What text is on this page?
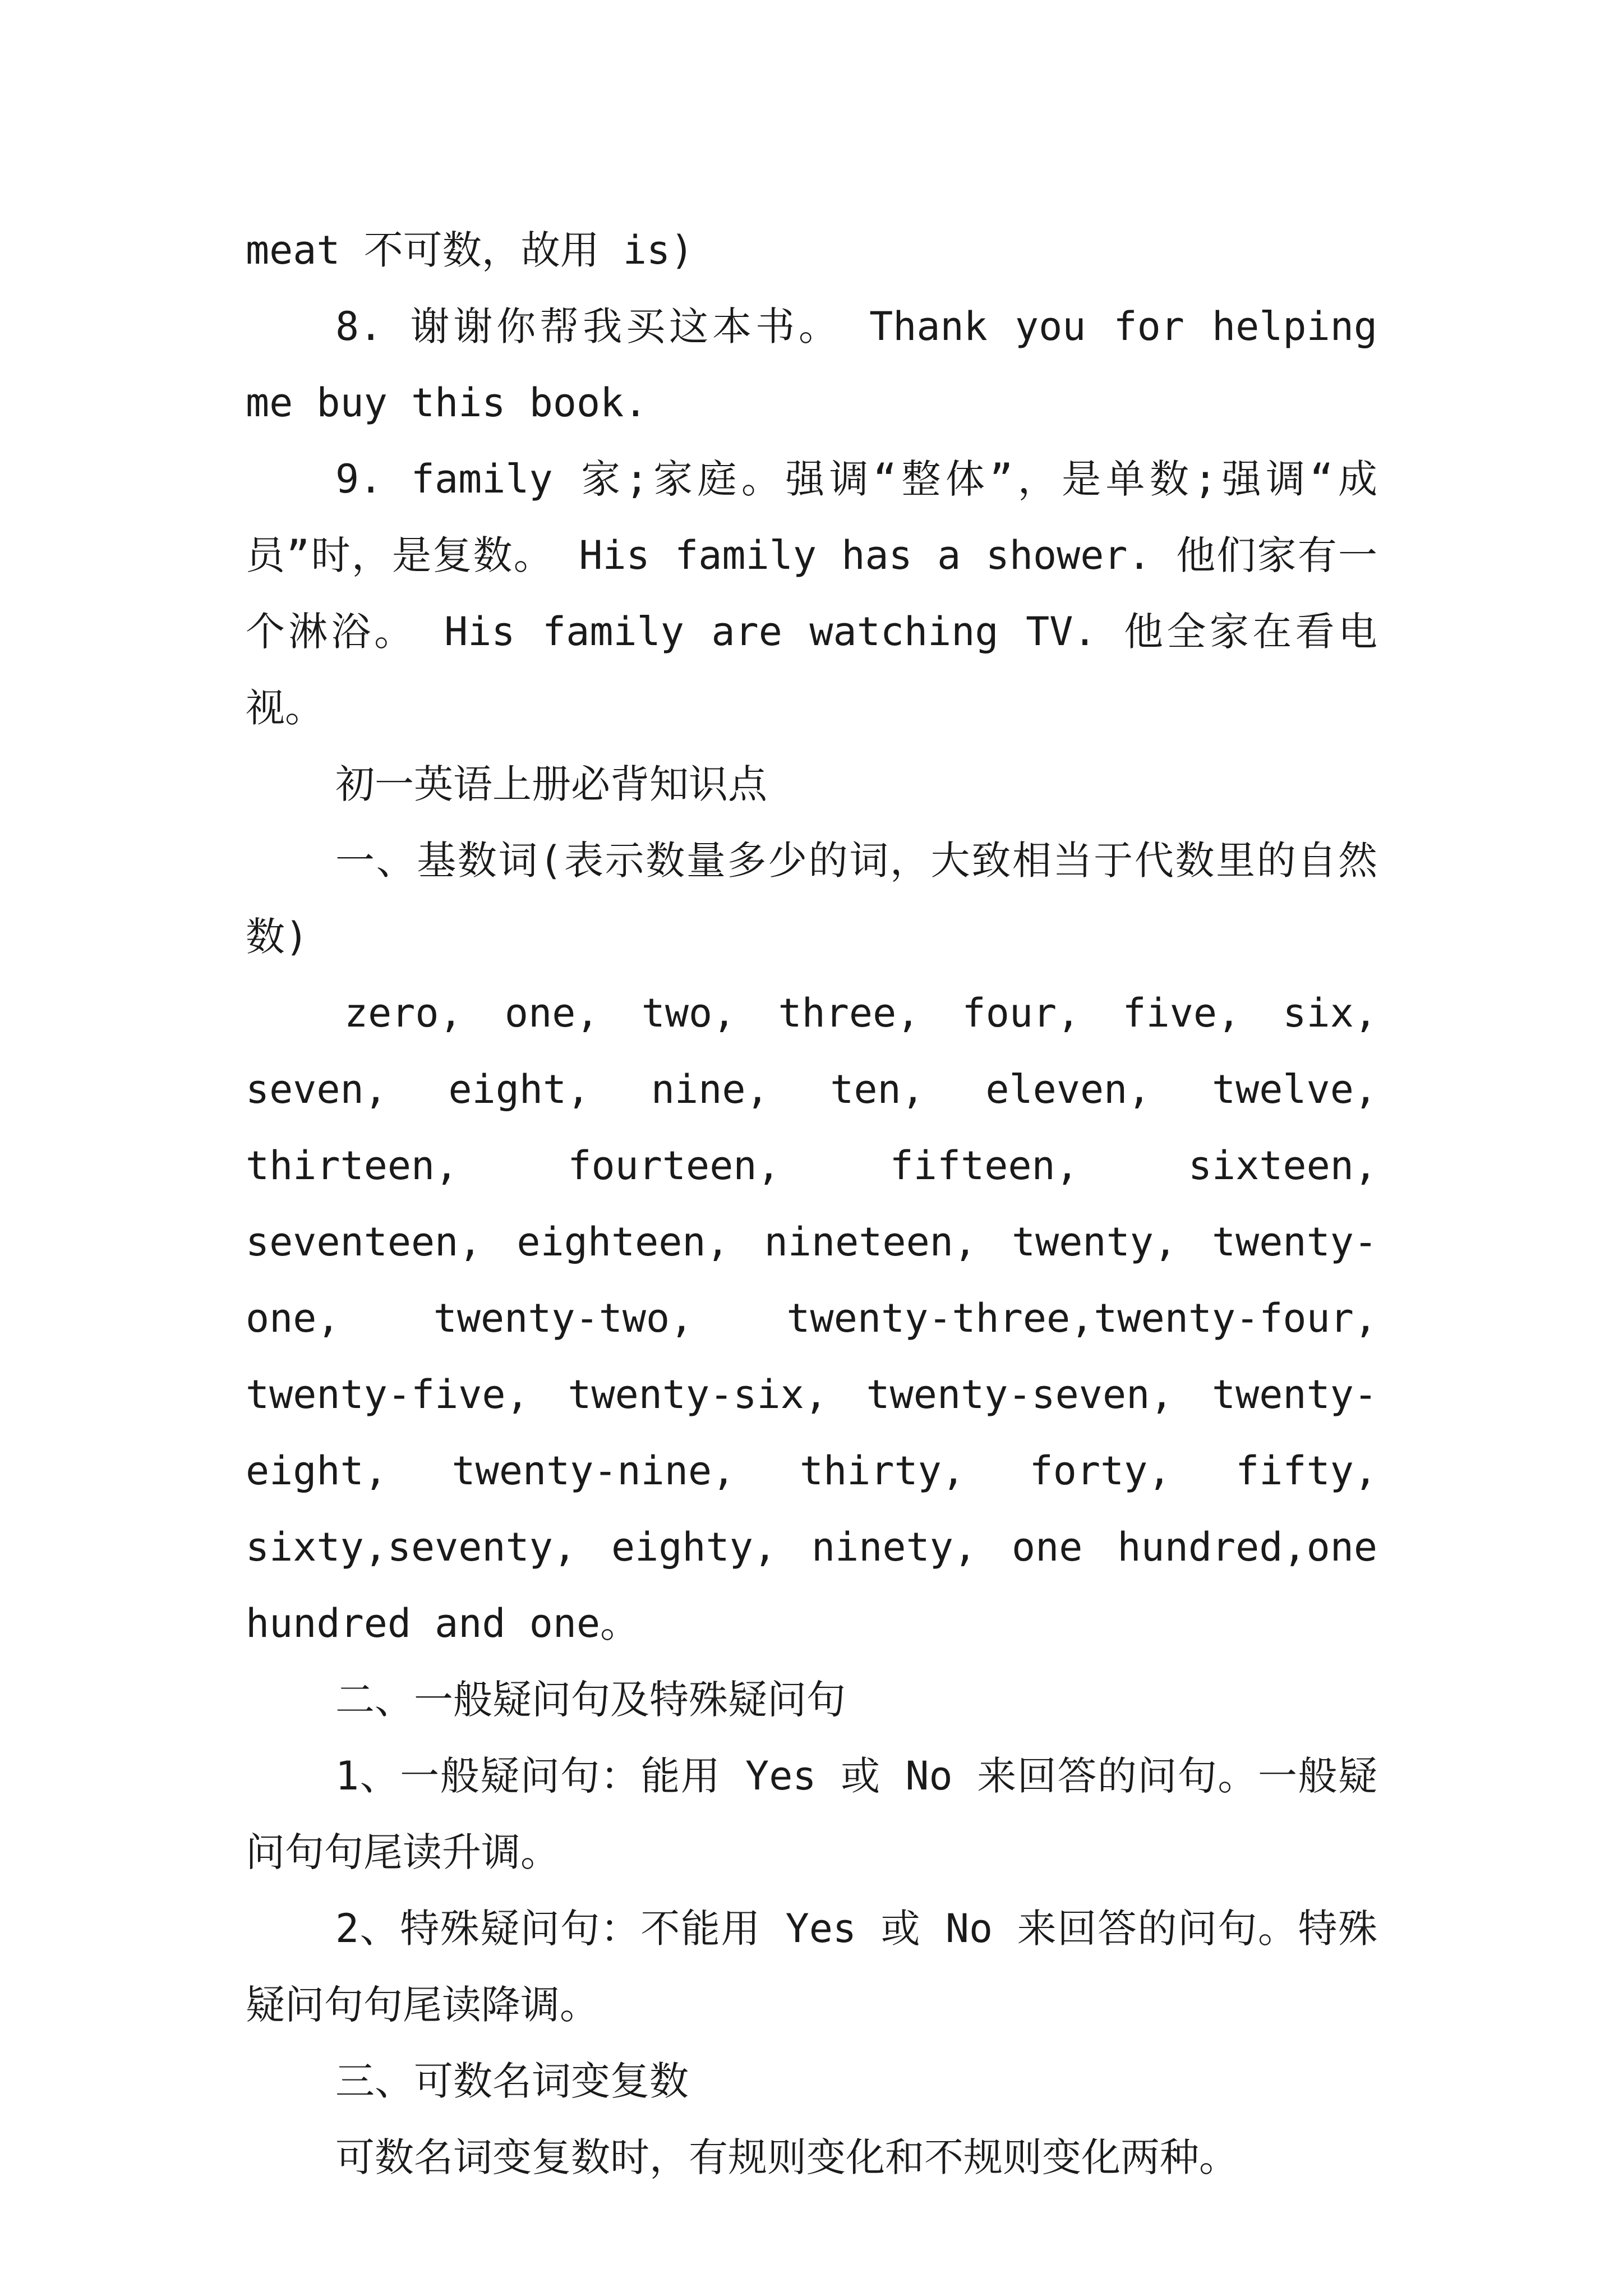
meat 不可数，故用 is)

8. 谢谢你帮我买这本书。 Thank you for helping me buy this book.

9. family 家;家庭。强调“整体”，是单数;强调“成员”时，是复数。 His family has a shower. 他们家有一个淋浴。 His family are watching TV. 他全家在看电视。

初一英语上册必背知识点

一、基数词(表示数量多少的词，大致相当于代数里的自然数)

zero, one, two, three, four, five, six, seven, eight, nine, ten, eleven, twelve, thirteen, fourteen, fifteen, sixteen, seventeen, eighteen, nineteen, twenty, twenty-one, twenty-two, twenty-three,twenty-four, twenty-five, twenty-six, twenty-seven, twenty-eight, twenty-nine, thirty, forty, fifty, sixty,seventy, eighty, ninety, one hundred,one hundred and one。

二、一般疑问句及特殊疑问句

1、一般疑问句：能用 Yes 或 No 来回答的问句。一般疑问句句尾读升调。

2、特殊疑问句：不能用 Yes 或 No 来回答的问句。特殊疑问句句尾读降调。

三、可数名词变复数

可数名词变复数时，有规则变化和不规则变化两种。
